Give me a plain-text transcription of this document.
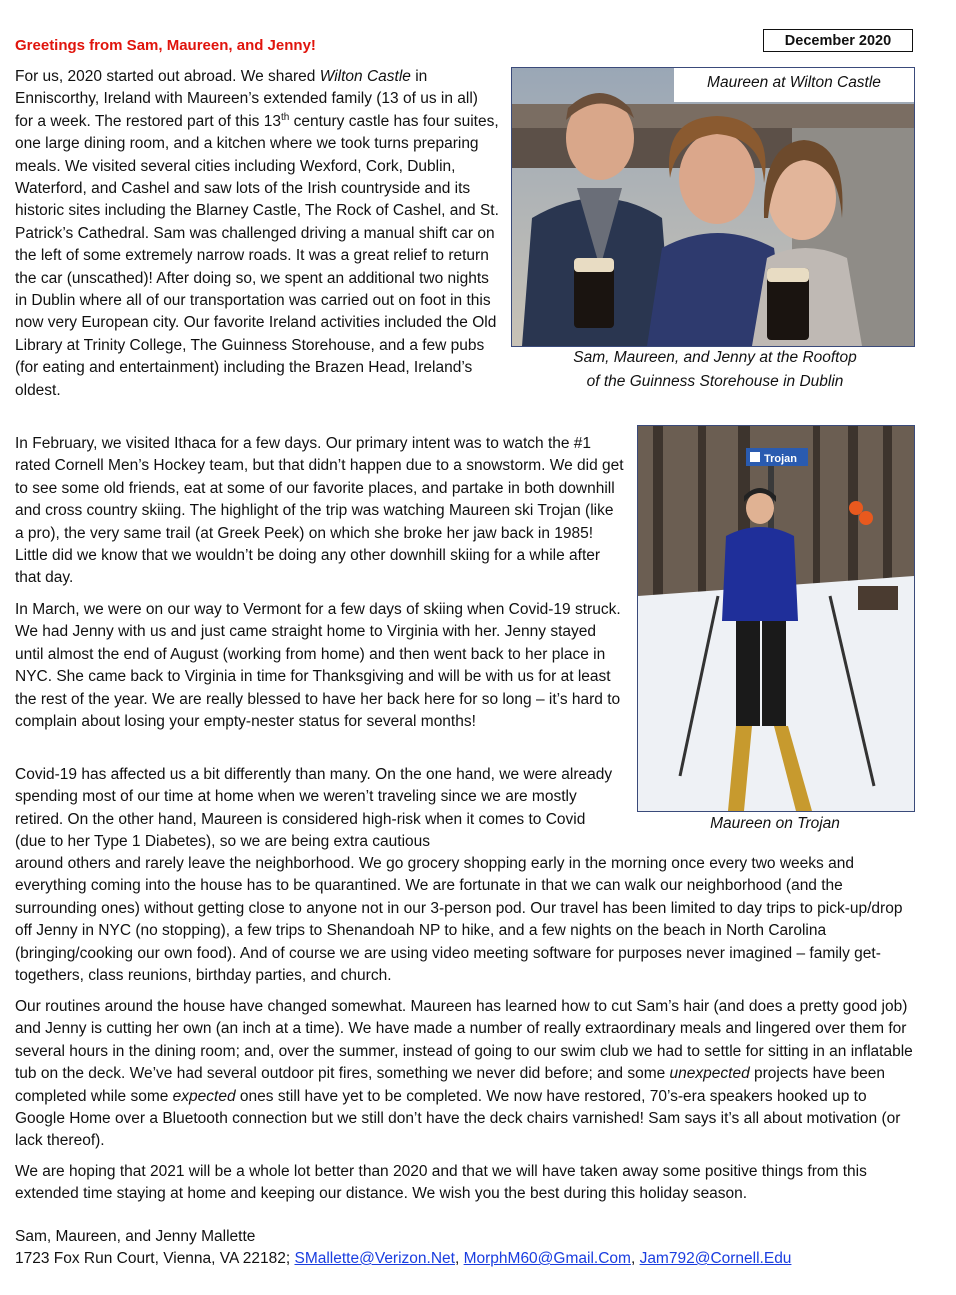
Greetings from Sam, Maureen, and Jenny!	December 2020
Maureen at Wilton Castle
Sam, Maureen, and Jenny at the Rooftop
of the Guinness Storehouse in Dublin
Trojan
Maureen on Trojan

For us, 2020 started out abroad. We shared Wilton Castle in Enniscorthy, Ireland with Maureen’s extended family (13 of us in all) for a week. The restored part of this 13th century castle has four suites, one large dining room, and a kitchen where we took turns preparing meals. We visited several cities including Wexford, Cork, Dublin, Waterford, and Cashel and saw lots of the Irish countryside and its historic sites including the Blarney Castle, The Rock of Cashel, and St. Patrick’s Cathedral. Sam was challenged driving a manual shift car on the left of some extremely narrow roads. It was a great relief to return the car (unscathed)! After doing so, we spent an additional two nights in Dublin where all of our transportation was carried out on foot in this now very European city. Our favorite Ireland activities included the Old Library at Trinity College, The Guinness Storehouse, and a few pubs (for eating and entertainment) including the Brazen Head, Ireland’s oldest.

In February, we visited Ithaca for a few days. Our primary intent was to watch the #1 rated Cornell Men’s Hockey team, but that didn’t happen due to a snowstorm. We did get to see some old friends, eat at some of our favorite places, and partake in both downhill and cross country skiing. The highlight of the trip was watching Maureen ski Trojan (like a pro), the very same trail (at Greek Peek) on which she broke her jaw back in 1985! Little did we know that we wouldn’t be doing any other downhill skiing for a while after that day.

In March, we were on our way to Vermont for a few days of skiing when Covid-19 struck. We had Jenny with us and just came straight home to Virginia with her. Jenny stayed until almost the end of August (working from home) and then went back to her place in NYC. She came back to Virginia in time for Thanksgiving and will be with us for at least the rest of the year. We are really blessed to have her back here for so long – it’s hard to complain about losing your empty-nester status for several months!

Covid-19 has affected us a bit differently than many. On the one hand, we were already spending most of our time at home when we weren’t traveling since we are mostly retired. On the other hand, Maureen is considered high-risk when it comes to Covid (due to her Type 1 Diabetes), so we are being extra cautious

around others and rarely leave the neighborhood. We go grocery shopping early in the morning once every two weeks and everything coming into the house has to be quarantined. We are fortunate in that we can walk our neighborhood (and the surrounding ones) without getting close to anyone not in our 3-person pod. Our travel has been limited to day trips to pick-up/drop off Jenny in NYC (no stopping), a few trips to Shenandoah NP to hike, and a few nights on the beach in North Carolina (bringing/cooking our own food). And of course we are using video meeting software for purposes never imagined – family get-togethers, class reunions, birthday parties, and church.

Our routines around the house have changed somewhat. Maureen has learned how to cut Sam’s hair (and does a pretty good job) and Jenny is cutting her own (an inch at a time). We have made a number of really extraordinary meals and lingered over them for several hours in the dining room; and, over the summer, instead of going to our swim club we had to settle for sitting in an inflatable tub on the deck. We’ve had several outdoor pit fires, something we never did before; and some unexpected projects have been completed while some expected ones still have yet to be completed. We now have restored, 70’s-era speakers hooked up to Google Home over a Bluetooth connection but we still don’t have the deck chairs varnished! Sam says it’s all about motivation (or lack thereof).

We are hoping that 2021 will be a whole lot better than 2020 and that we will have taken away some positive things from this extended time staying at home and keeping our distance. We wish you the best during this holiday season.

Sam, Maureen, and Jenny Mallette
1723 Fox Run Court, Vienna, VA 22182; SMallette@Verizon.Net, MorphM60@Gmail.Com, Jam792@Cornell.Edu
